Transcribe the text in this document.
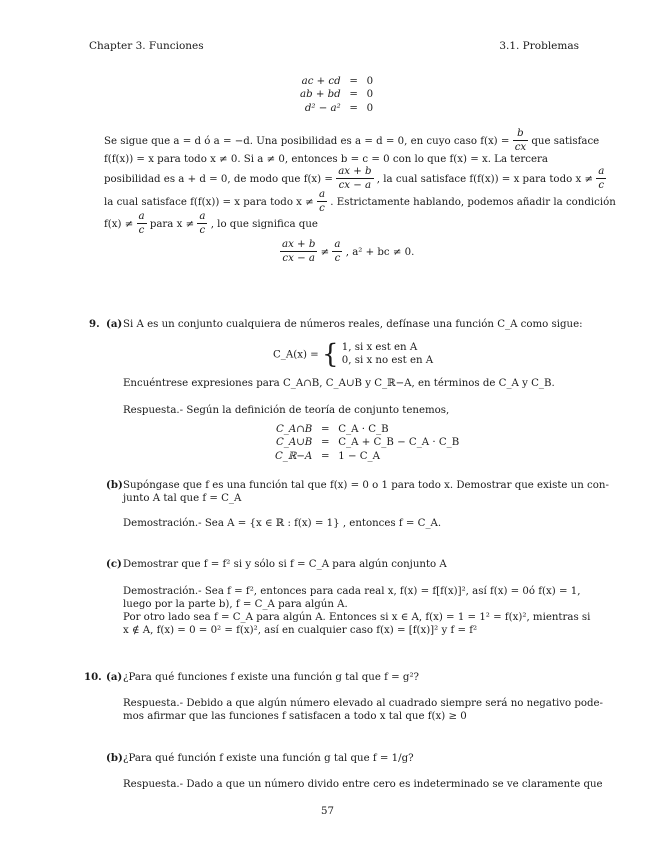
Chapter 3. Funciones	3.1. Problemas
ac + cd = 0
ab + bd = 0
d² − a² = 0
Se sigue que a = d ó a = −d. Una posibilidad es a = d = 0, en cuyo caso $f(x) = \frac{b}{cx}$ que satisface
f(f(x)) = x para todo x ≠ 0. Si a ≠ 0, entonces b = c = 0 con lo que f(x) = x. La tercera
posibilidad es a + d = 0, de modo que $f(x) = \frac{ax + b}{cx - a}$ , la cual satisface f(f(x)) = x para todo $x \ne \frac{a}{c}$
la cual satisface f(f(x)) = x para todo $x \ne \frac{a}{c}$ . Estrictamente hablando, podemos añadir la condición
$f(x) \ne \frac{a}{c}$ para $x \ne \frac{a}{c}$ , lo que significa que
$\frac{ax + b}{cx - a} \ne \frac{a}{c}$ , a² + bc ≠ 0.
9. (a) Si A es un conjunto cualquiera de números reales, defínase una función C_A como sigue:
C_A(x) = { 1, si x est en A
0, si x no est en A
Encuéntrese expresiones para C_A∩B, C_A∪B y C_ℝ−A, en términos de C_A y C_B.
Respuesta.- Según la definición de teoría de conjunto tenemos,
C_A∩B = C_A · C_B
C_A∪B = C_A + C_B − C_A · C_B
C_ℝ−A = 1 − C_A
(b) Supóngase que f es una función tal que f(x) = 0 o 1 para todo x. Demostrar que existe un con-
junto A tal que f = C_A
Demostración.- Sea A = {x ∈ ℝ : f(x) = 1} , entonces f = C_A.
(c) Demostrar que f = f² si y sólo si f = C_A para algún conjunto A
Demostración.- Sea f = f², entonces para cada real x, f(x) = f[f(x)]², así f(x) = 0ó f(x) = 1,
luego por la parte b), f = C_A para algún A.
Por otro lado sea f = C_A para algún A. Entonces si x ∈ A, f(x) = 1 = 1² = f(x)², mientras si
x ∉ A, f(x) = 0 = 0² = f(x)², así en cualquier caso f(x) = [f(x)]² y f = f²
10. (a) ¿Para qué funciones f existe una función g tal que f = g²?
Respuesta.- Debido a que algún número elevado al cuadrado siempre será no negativo pode-
mos afirmar que las funciones f satisfacen a todo x tal que f(x) ≥ 0
(b) ¿Para qué función f existe una función g tal que f = 1/g?
Respuesta.- Dado a que un número divido entre cero es indeterminado se ve claramente que
57
